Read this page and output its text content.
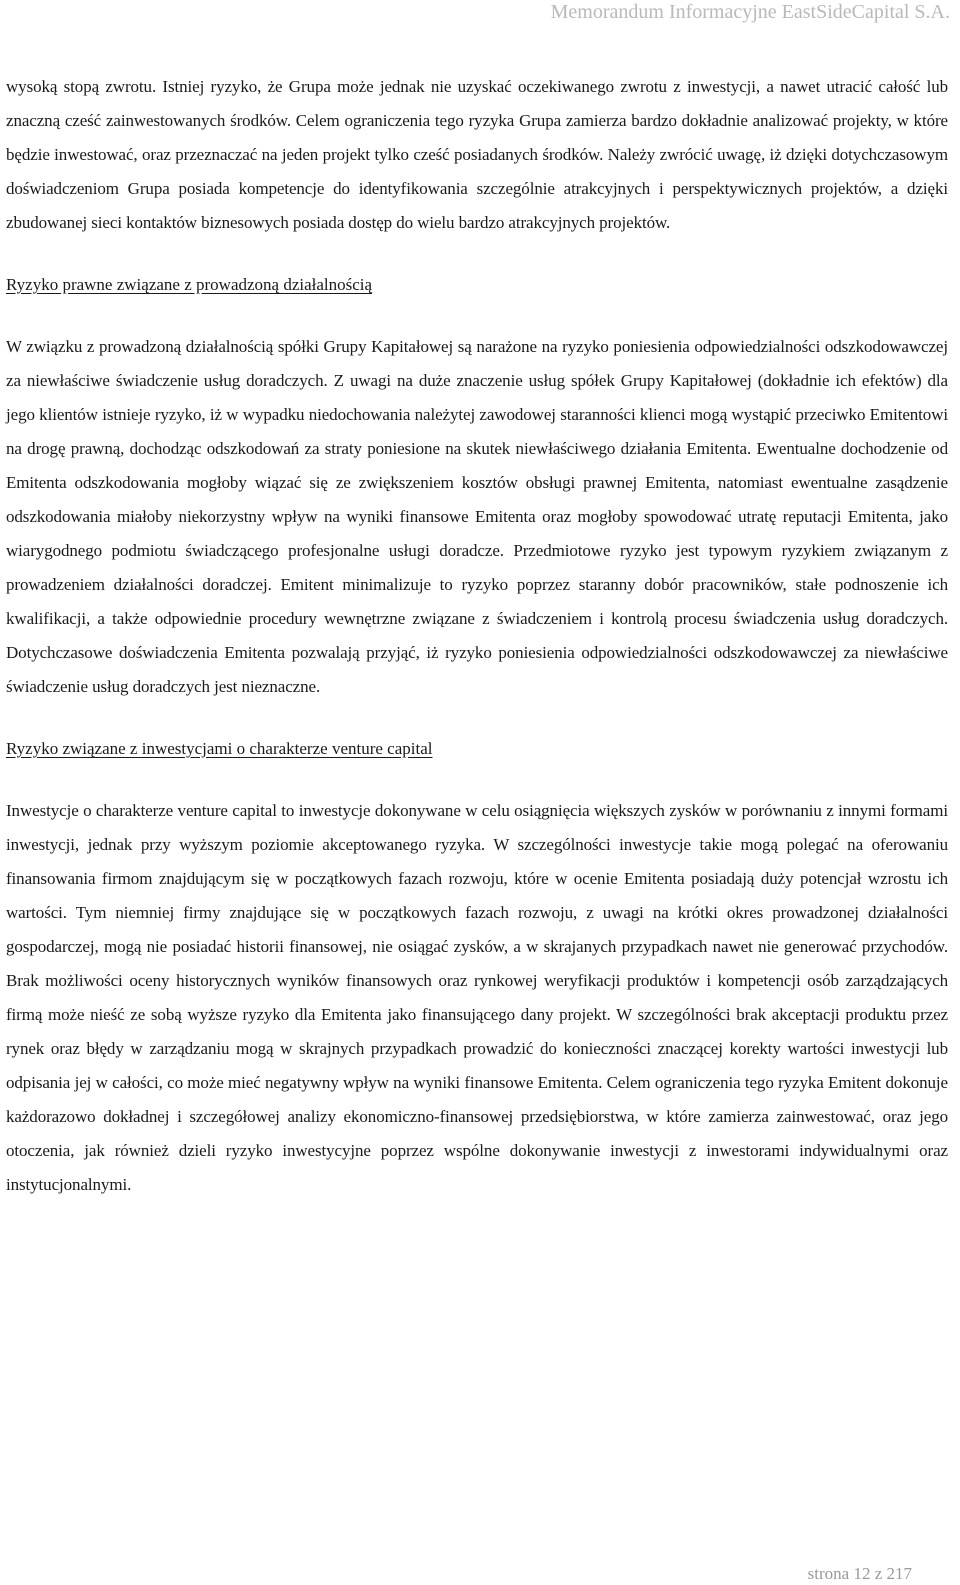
Memorandum Informacyjne EastSideCapital S.A.

wysoką stopą zwrotu. Istniej ryzyko, że Grupa może jednak nie uzyskać oczekiwanego zwrotu z inwestycji, a nawet utracić całość lub znaczną cześć zainwestowanych środków. Celem ograniczenia tego ryzyka Grupa zamierza bardzo dokładnie analizować projekty, w które będzie inwestować, oraz przeznaczać na jeden projekt tylko cześć posiadanych środków. Należy zwrócić uwagę, iż dzięki dotychczasowym doświadczeniom Grupa posiada kompetencje do identyfikowania szczególnie atrakcyjnych i perspektywicznych projektów, a dzięki zbudowanej sieci kontaktów biznesowych posiada dostęp do wielu bardzo atrakcyjnych projektów.

Ryzyko prawne związane z prowadzoną działalnością

W związku z prowadzoną działalnością spółki Grupy Kapitałowej są narażone na ryzyko poniesienia odpowiedzialności odszkodowawczej za niewłaściwe świadczenie usług doradczych. Z uwagi na duże znaczenie usług spółek Grupy Kapitałowej (dokładnie ich efektów) dla jego klientów istnieje ryzyko, iż w wypadku niedochowania należytej zawodowej staranności klienci mogą wystąpić przeciwko Emitentowi na drogę prawną, dochodząc odszkodowań za straty poniesione na skutek niewłaściwego działania Emitenta. Ewentualne dochodzenie od Emitenta odszkodowania mogłoby wiązać się ze zwiększeniem kosztów obsługi prawnej Emitenta, natomiast ewentualne zasądzenie odszkodowania miałoby niekorzystny wpływ na wyniki finansowe Emitenta oraz mogłoby spowodować utratę reputacji Emitenta, jako wiarygodnego podmiotu świadczącego profesjonalne usługi doradcze. Przedmiotowe ryzyko jest typowym ryzykiem związanym z prowadzeniem działalności doradczej. Emitent minimalizuje to ryzyko poprzez staranny dobór pracowników, stałe podnoszenie ich kwalifikacji, a także odpowiednie procedury wewnętrzne związane z świadczeniem i kontrolą procesu świadczenia usług doradczych. Dotychczasowe doświadczenia Emitenta pozwalają przyjąć, iż ryzyko poniesienia odpowiedzialności odszkodowawczej za niewłaściwe świadczenie usług doradczych jest nieznaczne.

Ryzyko związane z inwestycjami o charakterze venture capital

Inwestycje o charakterze venture capital to inwestycje dokonywane w celu osiągnięcia większych zysków w porównaniu z innymi formami inwestycji, jednak przy wyższym poziomie akceptowanego ryzyka. W szczególności inwestycje takie mogą polegać na oferowaniu finansowania firmom znajdującym się w początkowych fazach rozwoju, które w ocenie Emitenta posiadają duży potencjał wzrostu ich wartości. Tym niemniej firmy znajdujące się w początkowych fazach rozwoju, z uwagi na krótki okres prowadzonej działalności gospodarczej, mogą nie posiadać historii finansowej, nie osiągać zysków, a w skrajanych przypadkach nawet nie generować przychodów. Brak możliwości oceny historycznych wyników finansowych oraz rynkowej weryfikacji produktów i kompetencji osób zarządzających firmą może nieść ze sobą wyższe ryzyko dla Emitenta jako finansującego dany projekt. W szczególności brak akceptacji produktu przez rynek oraz błędy w zarządzaniu mogą w skrajnych przypadkach prowadzić do konieczności znaczącej korekty wartości inwestycji lub odpisania jej w całości, co może mieć negatywny wpływ na wyniki finansowe Emitenta. Celem ograniczenia tego ryzyka Emitent dokonuje każdorazowo dokładnej i szczegółowej analizy ekonomiczno-finansowej przedsiębiorstwa, w które zamierza zainwestować, oraz jego otoczenia, jak również dzieli ryzyko inwestycyjne poprzez wspólne dokonywanie inwestycji z inwestorami indywidualnymi oraz instytucjonalnymi.

strona 12 z 217
